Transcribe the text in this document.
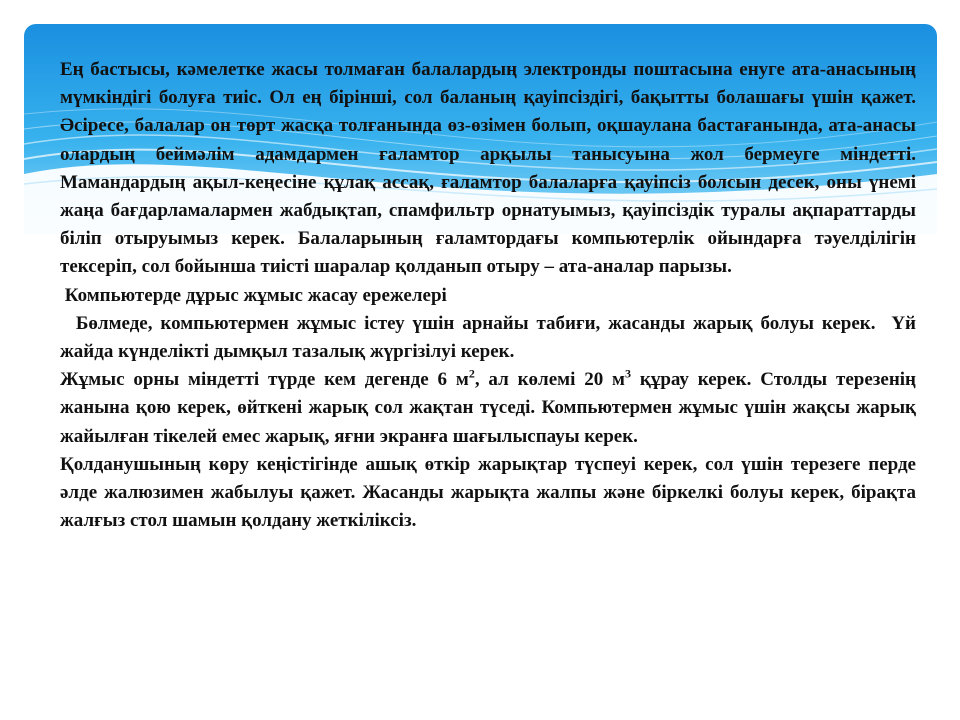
Ең бастысы, кәмелетке жасы толмаған балалардың электронды поштасына енуге ата-анасының мүмкіндігі болуға тиіс. Ол ең бірінші, сол баланың қауіпсіздігі, бақытты болашағы үшін қажет. Әсіресе, балалар он төрт жасқа толғанында өз-өзімен болып, оқшаулана бастағанында, ата-анасы олардың беймәлім адамдармен ғаламтор арқылы танысуына жол бермеуге міндетті. Мамандардың ақыл-кеңесіне құлақ ассақ, ғаламтор балаларға қауіпсіз болсын десек, оны үнемі жаңа бағдарламалармен жабдықтап, спамфильтр орнатуымыз, қауіпсіздік туралы ақпараттарды біліп отыруымыз керек. Балаларының ғаламтордағы компьютерлік ойындарға тәуелділігін тексеріп, сол бойынша тиісті шаралар қолданып отыру – ата-аналар парызы.

Компьютерде дұрыс жұмыс жасау ережелері

Бөлмеде, компьютермен жұмыс істеу үшін арнайы табиғи, жасанды жарық болуы керек.  Үй жайда күнделікті дымқыл тазалық жүргізілуі керек.

Жұмыс орны міндетті түрде кем дегенде 6 $м^2$, ал көлемі 20 $м^3$ құрау керек. Столды терезенің жанына қою керек, өйткені жарық сол жақтан түседі. Компьютермен жұмыс үшін жақсы жарық жайылған тікелей емес жарық, яғни экранға шағылыспауы керек.

Қолданушының көру кеңістігінде ашық өткір жарықтар түспеуі керек, сол үшін терезеге перде әлде жалюзимен жабылуы қажет. Жасанды жарықта жалпы және біркелкі болуы керек, бірақта жалғыз стол шамын қолдану жеткіліксіз.
